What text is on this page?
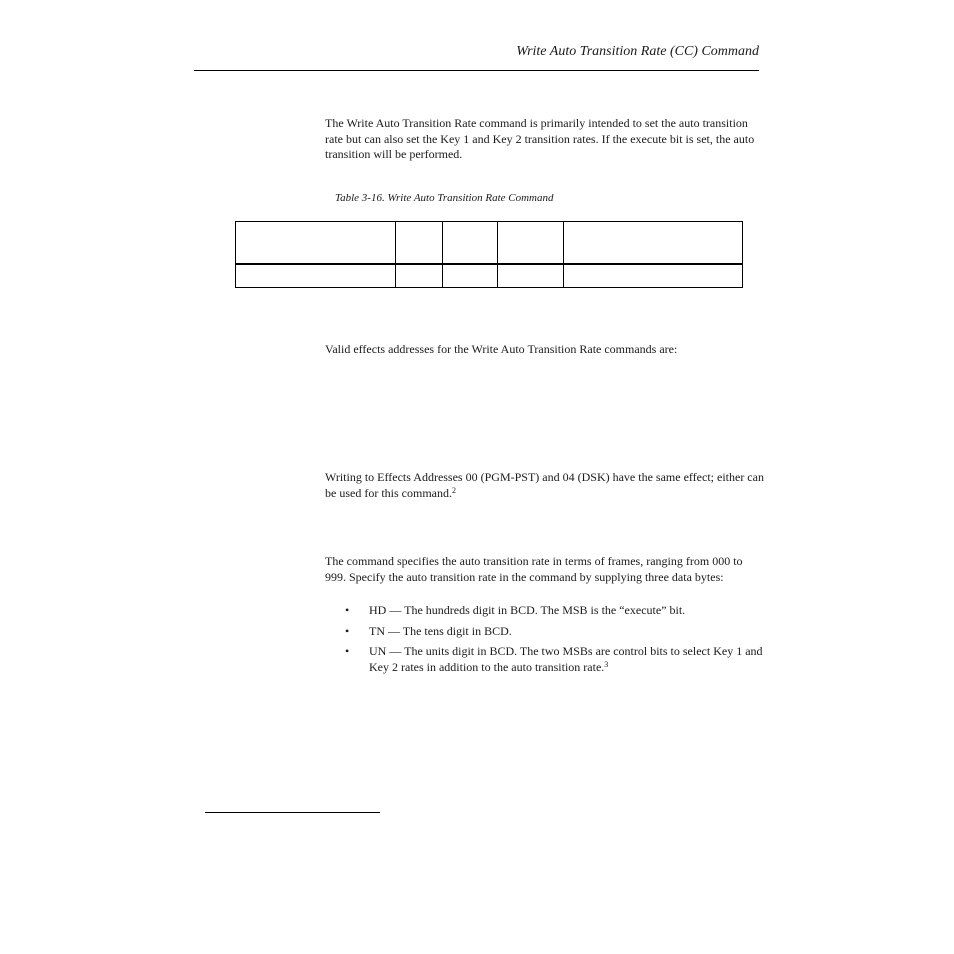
Write Auto Transition Rate (CC) Command

The Write Auto Transition Rate command is primarily intended to set the auto transition rate but can also set the Key 1 and Key 2 transition rates. If the execute bit is set, the auto transition will be performed.

Table 3-16. Write Auto Transition Rate Command

Valid effects addresses for the Write Auto Transition Rate commands are:

Writing to Effects Addresses 00 (PGM-PST) and 04 (DSK) have the same effect; either can be used for this command.$^2$

The command specifies the auto transition rate in terms of frames, ranging from 000 to 999. Specify the auto transition rate in the command by supplying three data bytes:

• HD — The hundreds digit in BCD. The MSB is the “execute” bit.
• TN — The tens digit in BCD.
• UN — The units digit in BCD. The two MSBs are control bits to select Key 1 and Key 2 rates in addition to the auto transition rate.$^3$
